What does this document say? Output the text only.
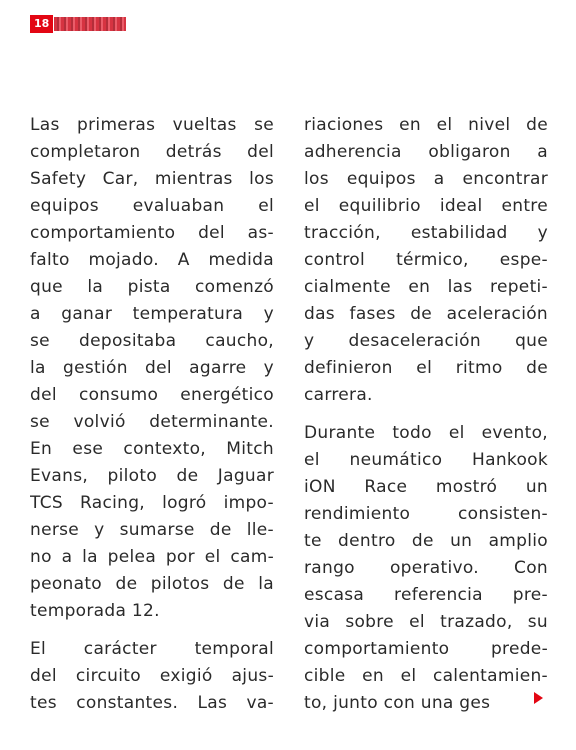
18
Las primeras vueltas se
completaron detrás del
Safety Car, mientras los
equipos evaluaban el
comportamiento del as-
falto mojado. A medida
que la pista comenzó
a ganar temperatura y
se depositaba caucho,
la gestión del agarre y
del consumo energético
se volvió determinante.
En ese contexto, Mitch
Evans, piloto de Jaguar
TCS Racing, logró impo-
nerse y sumarse de lle-
no a la pelea por el cam-
peonato de pilotos de la
temporada 12.
El carácter temporal
del circuito exigió ajus-
tes constantes. Las va-
riaciones en el nivel de
adherencia obligaron a
los equipos a encontrar
el equilibrio ideal entre
tracción, estabilidad y
control térmico, espe-
cialmente en las repeti-
das fases de aceleración
y desaceleración que
definieron el ritmo de
carrera.
Durante todo el evento,
el neumático Hankook
iON Race mostró un
rendimiento consisten-
te dentro de un amplio
rango operativo. Con
escasa referencia pre-
via sobre el trazado, su
comportamiento prede-
cible en el calentamien-
to, junto con una ges
